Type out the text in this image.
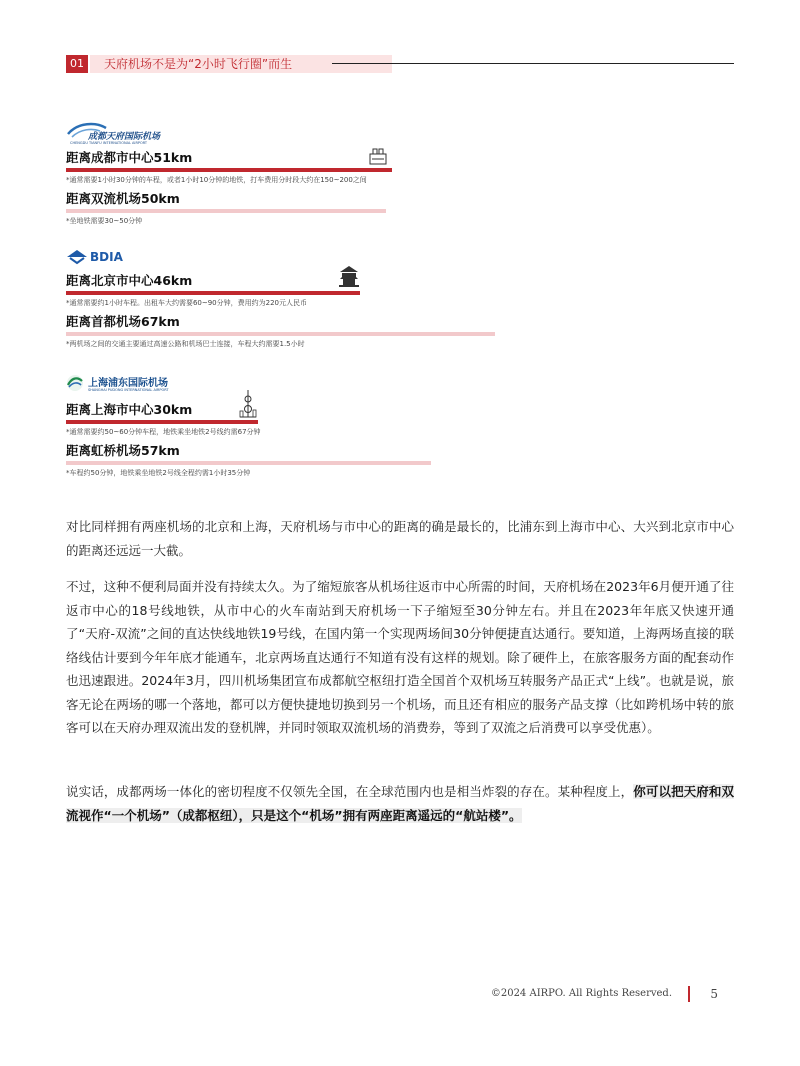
01	天府机场不是为“2小时飞行圈”而生
成都天府国际机场
CHENGDU TIANFU INTERNATIONAL AIRPORT
距离成都市中心51km
*通常需要1小时30分钟的车程，或者1小时10分钟的地铁，打车费用分时段大约在150~200之间
距离双流机场50km
*坐地铁需要30~50分钟
BDIA
距离北京市中心46km
*通常需要约1小时车程。出租车大约需要60~90分钟，费用约为220元人民币
距离首都机场67km
*两机场之间的交通主要通过高速公路和机场巴士连接，车程大约需要1.5小时
上海浦东国际机场
SHANGHAI PUDONG INTERNATIONAL AIRPORT
距离上海市中心30km
*通常需要约50~60分钟车程，地铁乘坐地铁2号线约需67分钟
距离虹桥机场57km
*车程约50分钟，地铁乘坐地铁2号线全程约需1小时35分钟
对比同样拥有两座机场的北京和上海，天府机场与市中心的距离的确是最长的，比浦东到上海市中心、大兴到北京市中心的距离还远远一大截。
不过，这种不便利局面并没有持续太久。为了缩短旅客从机场往返市中心所需的时间，天府机场在2023年6月便开通了往返市中心的18号线地铁，从市中心的火车南站到天府机场一下子缩短至30分钟左右。并且在2023年年底又快速开通了“天府-双流”之间的直达快线地铁19号线，在国内第一个实现两场间30分钟便捷直达通行。要知道，上海两场直接的联络线估计要到今年年底才能通车，北京两场直达通行不知道有没有这样的规划。除了硬件上，在旅客服务方面的配套动作也迅速跟进。2024年3月，四川机场集团宣布成都航空枢纽打造全国首个双机场互转服务产品正式“上线”。也就是说，旅客无论在两场的哪一个落地，都可以方便快捷地切换到另一个机场，而且还有相应的服务产品支撑（比如跨机场中转的旅客可以在天府办理双流出发的登机牌，并同时领取双流机场的消费券，等到了双流之后消费可以享受优惠）。
说实话，成都两场一体化的密切程度不仅领先全国，在全球范围内也是相当炸裂的存在。某种程度上，你可以把天府和双流视作“一个机场”（成都枢纽），只是这个“机场”拥有两座距离遥远的“航站楼”。
©2024 AIRPO. All Rights Reserved.	5
